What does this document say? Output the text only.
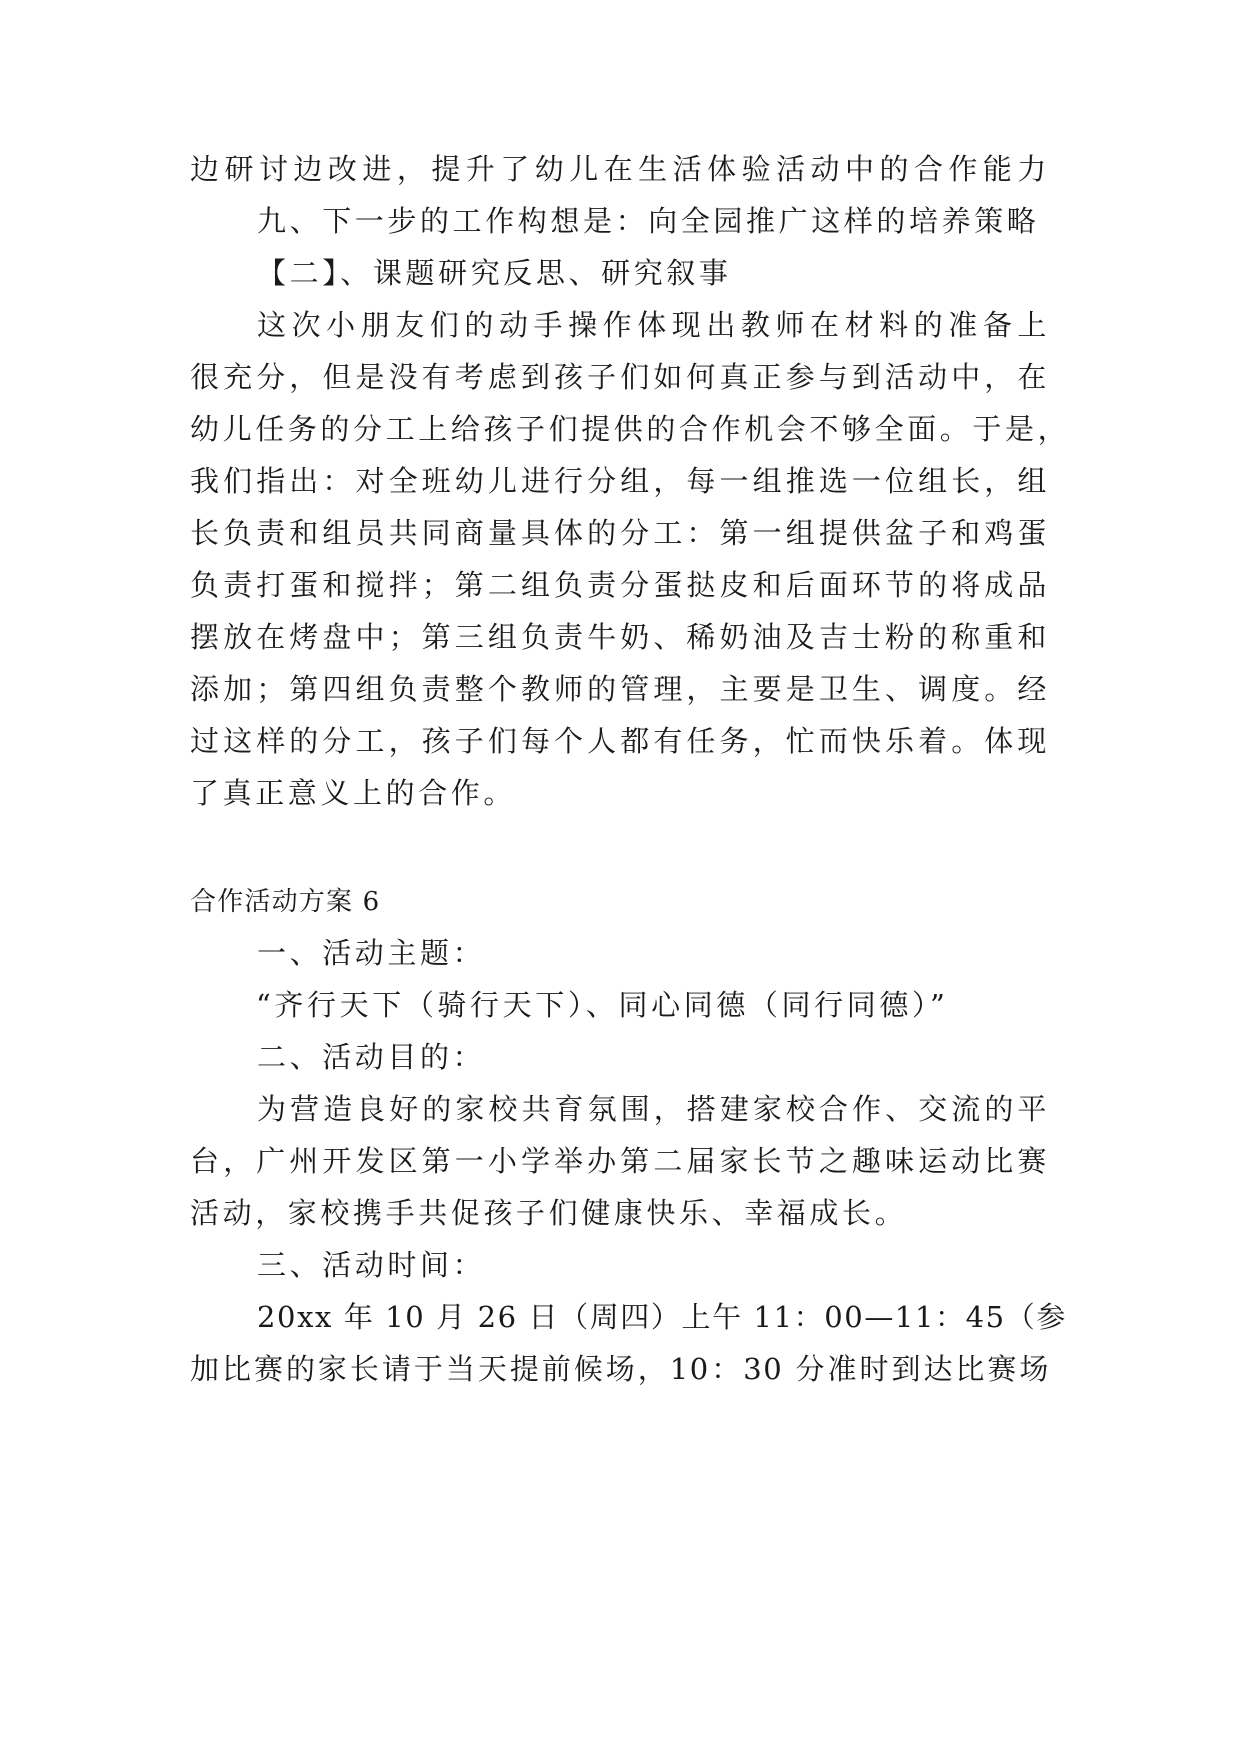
边研讨边改进，提升了幼儿在生活体验活动中的合作能力
九、下一步的工作构想是：向全园推广这样的培养策略
【二】、课题研究反思、研究叙事
这次小朋友们的动手操作体现出教师在材料的准备上
很充分，但是没有考虑到孩子们如何真正参与到活动中，在
幼儿任务的分工上给孩子们提供的合作机会不够全面。于是，
我们指出：对全班幼儿进行分组，每一组推选一位组长，组
长负责和组员共同商量具体的分工：第一组提供盆子和鸡蛋
负责打蛋和搅拌；第二组负责分蛋挞皮和后面环节的将成品
摆放在烤盘中；第三组负责牛奶、稀奶油及吉士粉的称重和
添加；第四组负责整个教师的管理，主要是卫生、调度。经
过这样的分工，孩子们每个人都有任务，忙而快乐着。体现
了真正意义上的合作。
合作活动方案 6
一、活动主题：
“齐行天下（骑行天下）、同心同德（同行同德）”
二、活动目的：
为营造良好的家校共育氛围，搭建家校合作、交流的平
台，广州开发区第一小学举办第二届家长节之趣味运动比赛
活动，家校携手共促孩子们健康快乐、幸福成长。
三、活动时间：
20xx 年 10 月 26 日（周四）上午 11：00—11：45（参
加比赛的家长请于当天提前候场，10：30 分准时到达比赛场
